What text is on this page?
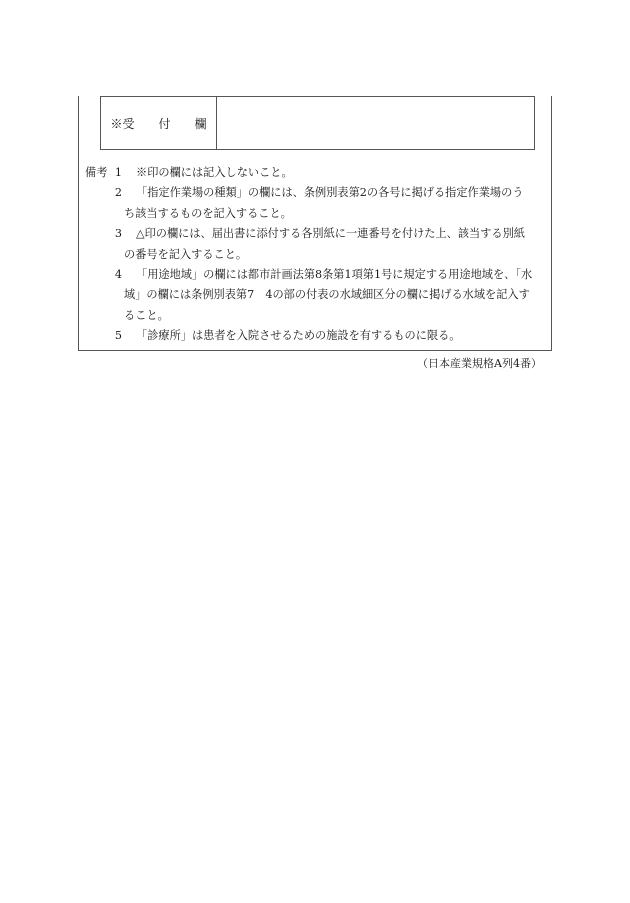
※受　　付　　欄
備考 1	※印の欄には記入しないこと。
2	「指定作業場の種類」の欄には、条例別表第2の各号に掲げる指定作業場のう
ち該当するものを記入すること。
3	△印の欄には、届出書に添付する各別紙に一連番号を付けた上、該当する別紙
の番号を記入すること。
4	「用途地域」の欄には都市計画法第8条第1項第1号に規定する用途地域を、「水
域」の欄には条例別表第7　4の部の付表の水域細区分の欄に掲げる水域を記入す
ること。
5	「診療所」は患者を入院させるための施設を有するものに限る。
（日本産業規格A列4番）
